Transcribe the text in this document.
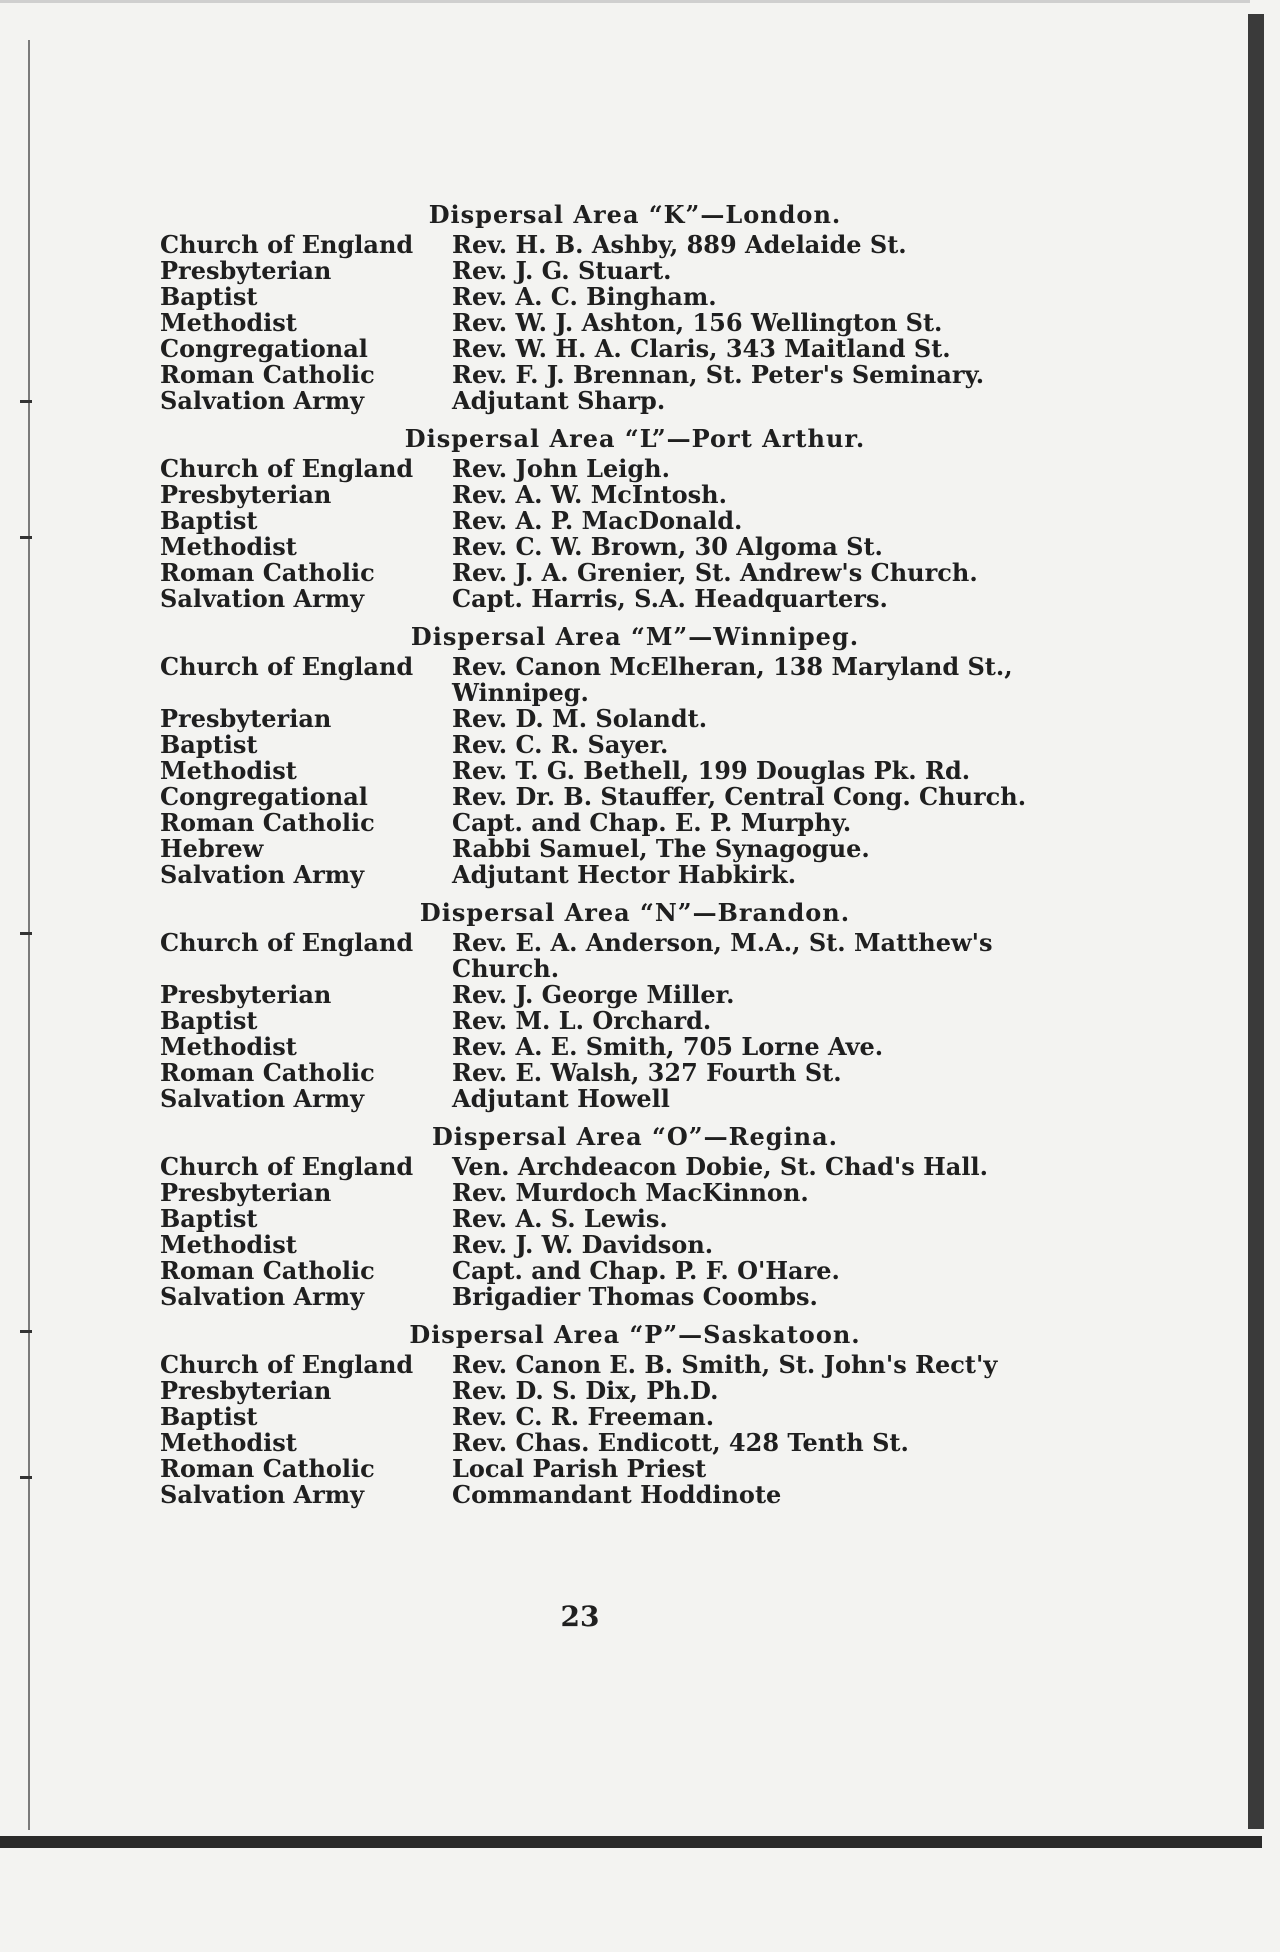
Dispersal Area “K”—London.
Church of England	Rev. H. B. Ashby, 889 Adelaide St.
Presbyterian	Rev. J. G. Stuart.
Baptist	Rev. A. C. Bingham.
Methodist	Rev. W. J. Ashton, 156 Wellington St.
Congregational	Rev. W. H. A. Claris, 343 Maitland St.
Roman Catholic	Rev. F. J. Brennan, St. Peter's Seminary.
Salvation Army	Adjutant Sharp.
Dispersal Area “L”—Port Arthur.
Church of England	Rev. John Leigh.
Presbyterian	Rev. A. W. McIntosh.
Baptist	Rev. A. P. MacDonald.
Methodist	Rev. C. W. Brown, 30 Algoma St.
Roman Catholic	Rev. J. A. Grenier, St. Andrew's Church.
Salvation Army	Capt. Harris, S.A. Headquarters.
Dispersal Area “M”—Winnipeg.
Church of England	Rev. Canon McElheran, 138 Maryland St., Winnipeg.
Presbyterian	Rev. D. M. Solandt.
Baptist	Rev. C. R. Sayer.
Methodist	Rev. T. G. Bethell, 199 Douglas Pk. Rd.
Congregational	Rev. Dr. B. Stauffer, Central Cong. Church.
Roman Catholic	Capt. and Chap. E. P. Murphy.
Hebrew	Rabbi Samuel, The Synagogue.
Salvation Army	Adjutant Hector Habkirk.
Dispersal Area “N”—Brandon.
Church of England	Rev. E. A. Anderson, M.A., St. Matthew's Church.
Presbyterian	Rev. J. George Miller.
Baptist	Rev. M. L. Orchard.
Methodist	Rev. A. E. Smith, 705 Lorne Ave.
Roman Catholic	Rev. E. Walsh, 327 Fourth St.
Salvation Army	Adjutant Howell
Dispersal Area “O”—Regina.
Church of England	Ven. Archdeacon Dobie, St. Chad's Hall.
Presbyterian	Rev. Murdoch MacKinnon.
Baptist	Rev. A. S. Lewis.
Methodist	Rev. J. W. Davidson.
Roman Catholic	Capt. and Chap. P. F. O'Hare.
Salvation Army	Brigadier Thomas Coombs.
Dispersal Area “P”—Saskatoon.
Church of England	Rev. Canon E. B. Smith, St. John's Rect'y
Presbyterian	Rev. D. S. Dix, Ph.D.
Baptist	Rev. C. R. Freeman.
Methodist	Rev. Chas. Endicott, 428 Tenth St.
Roman Catholic	Local Parish Priest
Salvation Army	Commandant Hoddinote
23
